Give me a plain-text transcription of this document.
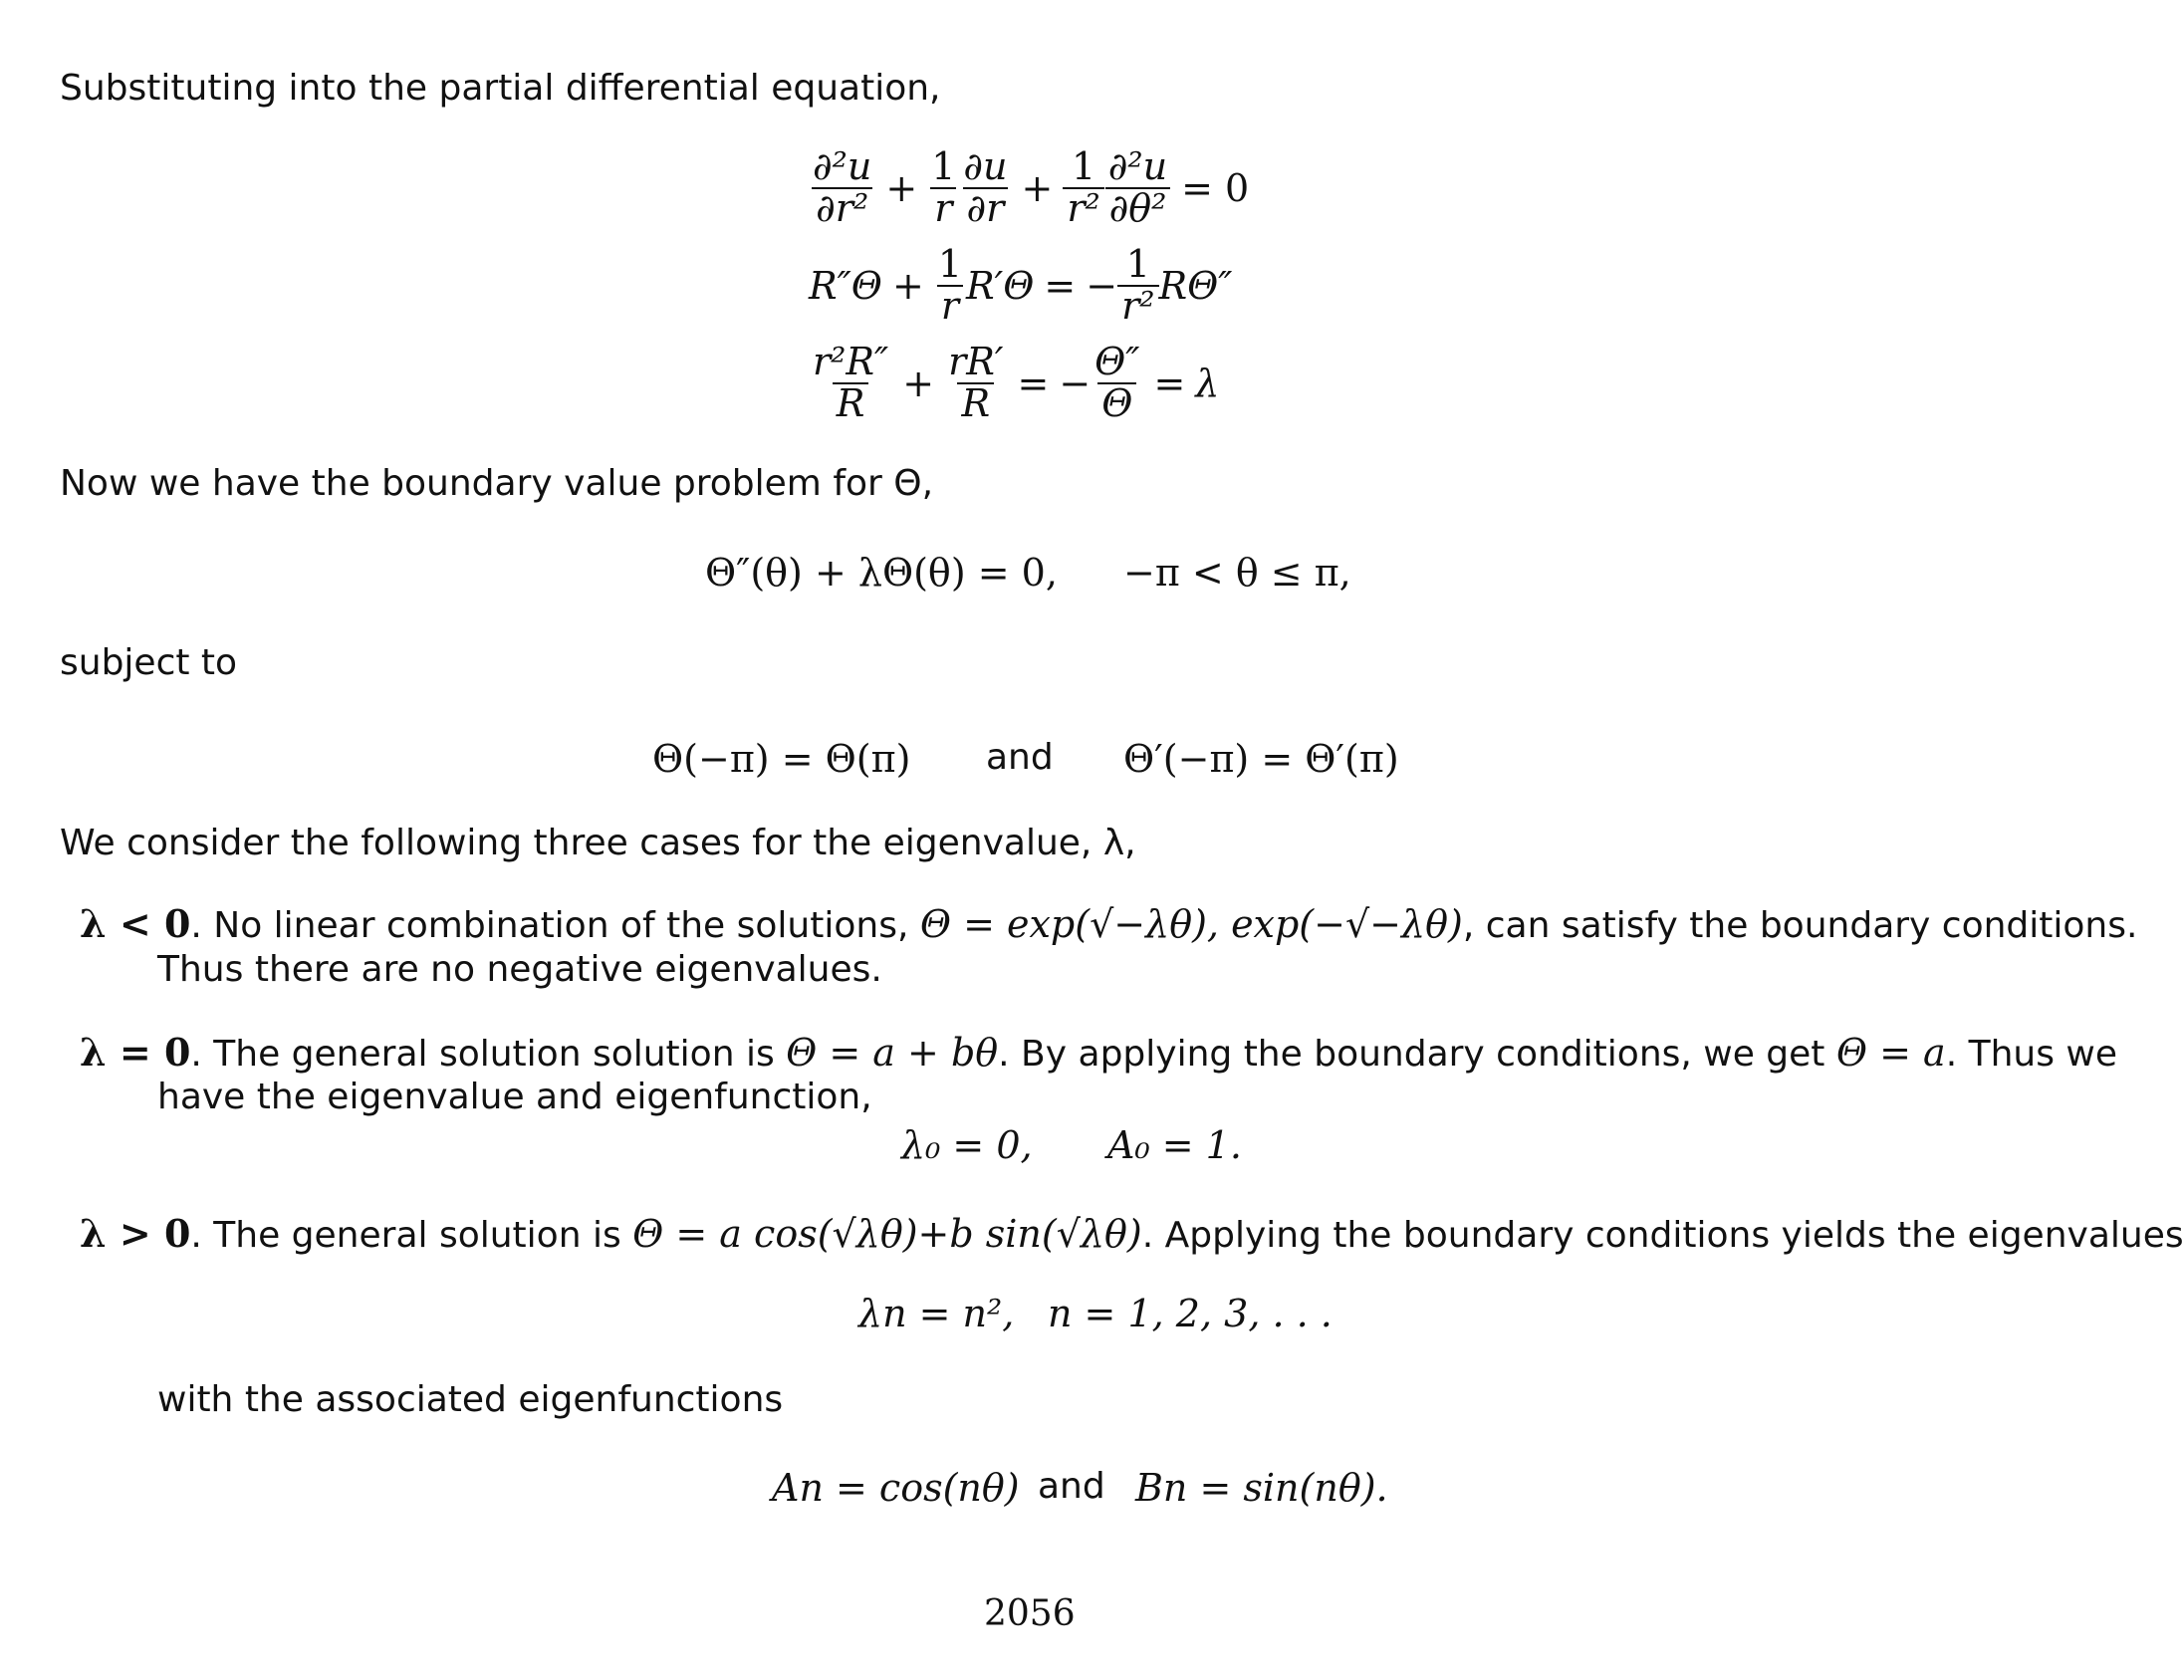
Substituting into the partial differential equation,
$\frac{\text{∂²u}}{\text{∂r²}} + \frac{1}{r} \frac{\partial u}{\partial r} + \frac{1}{\text{r²}} \frac{\text{∂²u}}{\text{∂θ²}} = 0$
$R''\Theta + \frac{1}{r} R'\Theta$ = − $\frac{1}{\text{r²}} R\Theta''$
$\frac{\text{r²R″}}{R} + \frac{rR'}{R}$ = − $\frac{\Theta''}{\Theta} = \lambda$
Now we have the boundary value problem for Θ,
Θ″(θ) + λΘ(θ) = 0, −π < θ ≤ π,
subject to
Θ(−π) = Θ(π) and Θ′(−π) = Θ′(π)
We consider the following three cases for the eigenvalue, λ,
λ < 0. No linear combination of the solutions, Θ = exp(√−λθ), exp(−√−λθ), can satisfy the boundary conditions.
Thus there are no negative eigenvalues.
λ = 0. The general solution solution is Θ = a + bθ. By applying the boundary conditions, we get Θ = a. Thus we
have the eigenvalue and eigenfunction,
λ₀ = 0, A₀ = 1.
λ > 0. The general solution is Θ = a cos(√λθ)+b sin(√λθ). Applying the boundary conditions yields the eigenvalues
λn = n², n = 1, 2, 3, . . .
with the associated eigenfunctions
An = cos(nθ) and Bn = sin(nθ).
2056
